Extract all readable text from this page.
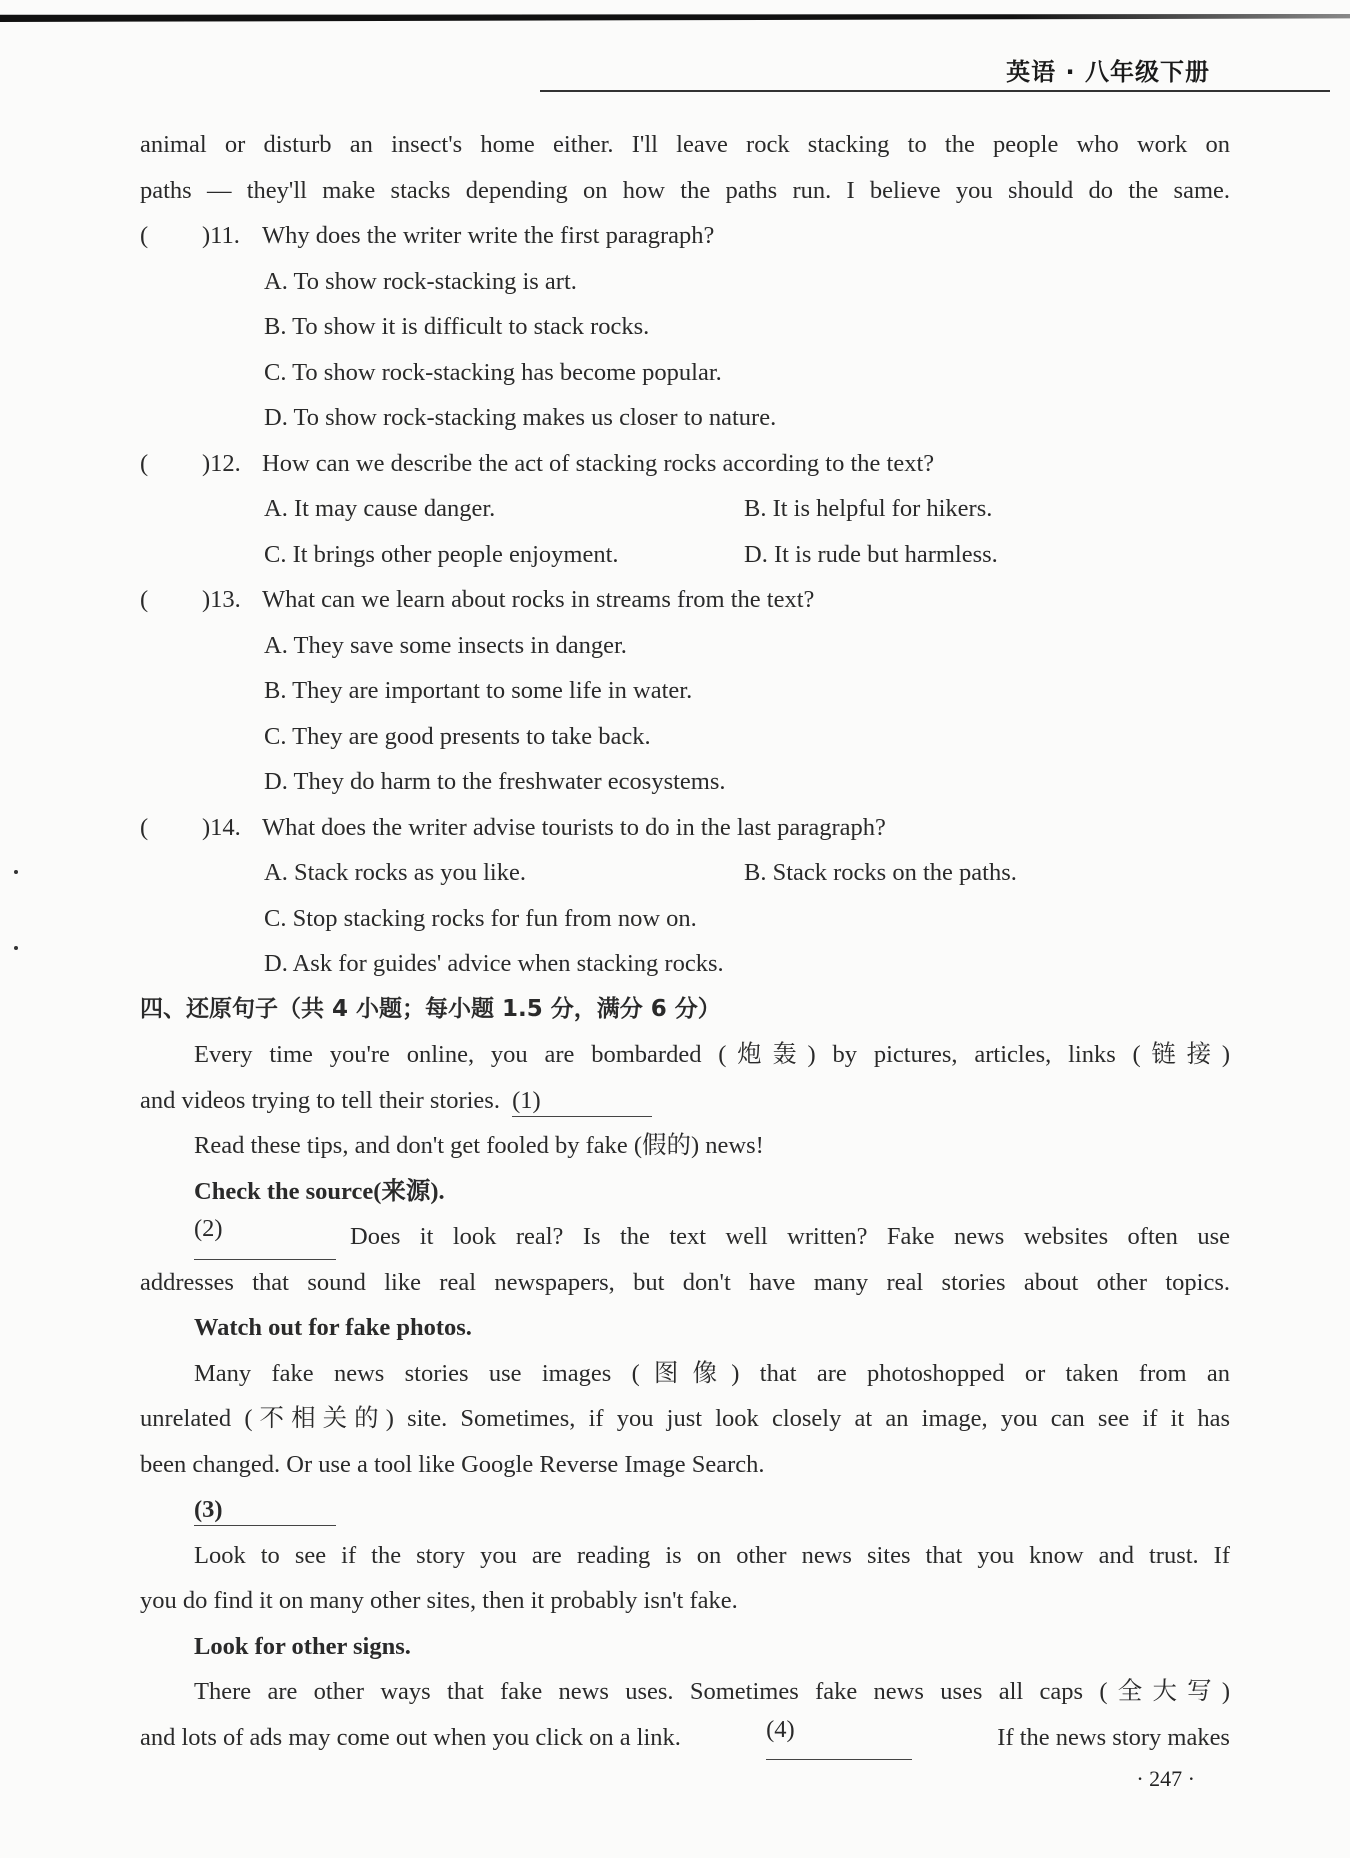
英语 · 八年级下册
animal or disturb an insect's home either. I'll leave rock stacking to the people who work on
paths — they'll make stacks depending on how the paths run. I believe you should do the same.
(	)11. Why does the writer write the first paragraph?
A. To show rock-stacking is art.
B. To show it is difficult to stack rocks.
C. To show rock-stacking has become popular.
D. To show rock-stacking makes us closer to nature.
(	)12. How can we describe the act of stacking rocks according to the text?
A. It may cause danger.	B. It is helpful for hikers.
C. It brings other people enjoyment.	D. It is rude but harmless.
(	)13. What can we learn about rocks in streams from the text?
A. They save some insects in danger.
B. They are important to some life in water.
C. They are good presents to take back.
D. They do harm to the freshwater ecosystems.
(	)14. What does the writer advise tourists to do in the last paragraph?
A. Stack rocks as you like.	B. Stack rocks on the paths.
C. Stop stacking rocks for fun from now on.
D. Ask for guides' advice when stacking rocks.
四、还原句子（共 4 小题；每小题 1.5 分，满分 6 分）
Every time you're online, you are bombarded (炮轰) by pictures, articles, links (链接)
and videos trying to tell their stories. (1)
Read these tips, and don't get fooled by fake (假的) news!
Check the source(来源).
(2)	Does it look real? Is the text well written? Fake news websites often use
addresses that sound like real newspapers, but don't have many real stories about other topics.
Watch out for fake photos.
Many fake news stories use images (图像) that are photoshopped or taken from an
unrelated (不相关的) site. Sometimes, if you just look closely at an image, you can see if it has
been changed. Or use a tool like Google Reverse Image Search.
(3)
Look to see if the story you are reading is on other news sites that you know and trust. If
you do find it on many other sites, then it probably isn't fake.
Look for other signs.
There are other ways that fake news uses. Sometimes fake news uses all caps (全大写)
and lots of ads may come out when you click on a link.	(4)	If the news story makes
· 247 ·
